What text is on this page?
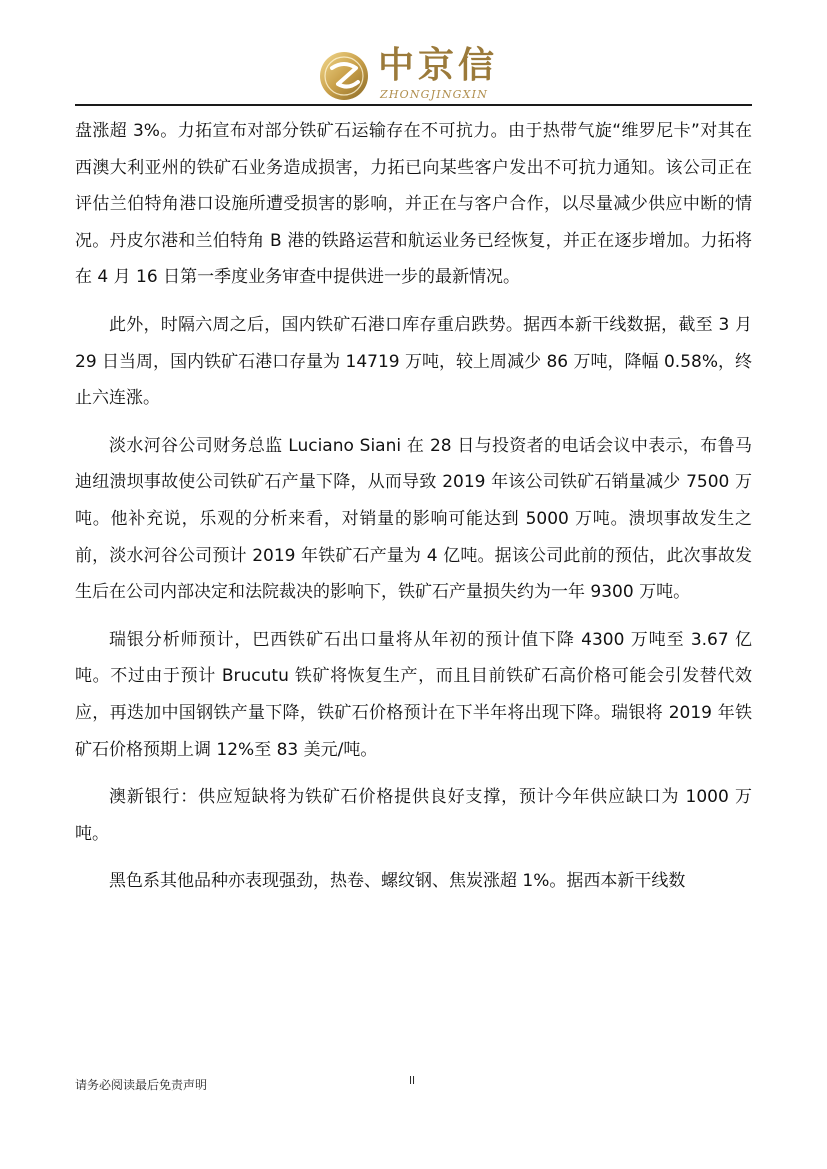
中京信
ZHONGJINGXIN

盘涨超 3%。力拓宣布对部分铁矿石运输存在不可抗力。由于热带气旋“维罗尼卡”对其在西澳大利亚州的铁矿石业务造成损害，力拓已向某些客户发出不可抗力通知。该公司正在评估兰伯特角港口设施所遭受损害的影响，并正在与客户合作，以尽量减少供应中断的情况。丹皮尔港和兰伯特角 B 港的铁路运营和航运业务已经恢复，并正在逐步增加。力拓将在 4 月 16 日第一季度业务审查中提供进一步的最新情况。

此外，时隔六周之后，国内铁矿石港口库存重启跌势。据西本新干线数据，截至 3 月 29 日当周，国内铁矿石港口存量为 14719 万吨，较上周减少 86 万吨，降幅 0.58%，终止六连涨。

淡水河谷公司财务总监 Luciano Siani 在 28 日与投资者的电话会议中表示，布鲁马迪纽溃坝事故使公司铁矿石产量下降，从而导致 2019 年该公司铁矿石销量减少 7500 万吨。他补充说，乐观的分析来看，对销量的影响可能达到 5000 万吨。溃坝事故发生之前，淡水河谷公司预计 2019 年铁矿石产量为 4 亿吨。据该公司此前的预估，此次事故发生后在公司内部决定和法院裁决的影响下，铁矿石产量损失约为一年 9300 万吨。

瑞银分析师预计，巴西铁矿石出口量将从年初的预计值下降 4300 万吨至 3.67 亿吨。不过由于预计 Brucutu 铁矿将恢复生产，而且目前铁矿石高价格可能会引发替代效应，再迭加中国钢铁产量下降，铁矿石价格预计在下半年将出现下降。瑞银将 2019 年铁矿石价格预期上调 12%至 83 美元/吨。

澳新银行：供应短缺将为铁矿石价格提供良好支撑，预计今年供应缺口为 1000 万吨。

黑色系其他品种亦表现强劲，热卷、螺纹钢、焦炭涨超 1%。据西本新干线数

请务必阅读最后免责声明	ll
